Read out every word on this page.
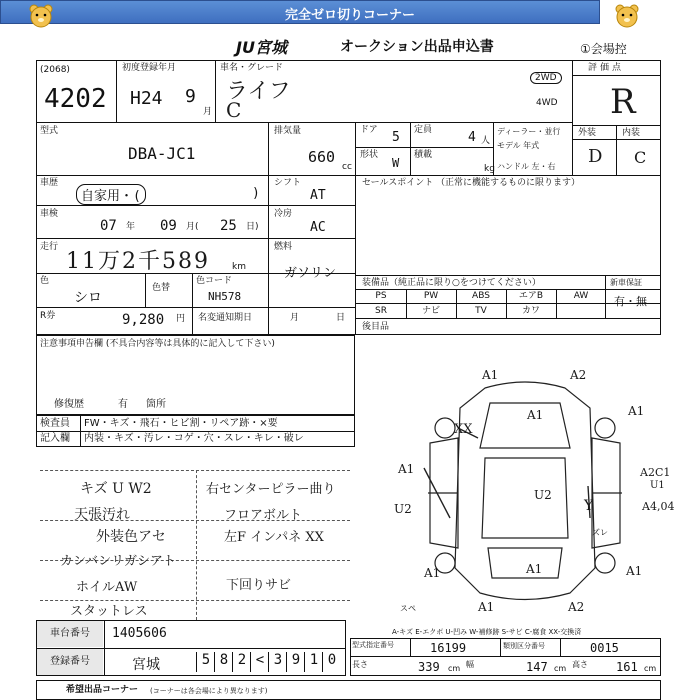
完全ゼロ切りコーナー
JU宮城	オークション出品申込書	①会場控
(2068)
4202
初度登録年月
H24 9
月
車名・グレード
ライフ
C
2WD
4WD
評価点
R
外装	内装
D C
型式
DBA-JC1
排気量
660
cc
ドア 5 定員	4 人
形状
W
積載
kg
ディーラー・並行
モデル 年式
ハンドル 左・右
車歴
自家用・(	)
車検
07 年 09 月( 25 日)
走行
11万2千589 km
色
シロ
色替
色コード
NH578
R券	9,280 円 名変通知期日	月	日
シフト
AT
冷房
AC
燃料
ガソリン
セールスポイント （正常に機能するものに限ります）
装備品（純正品に限り○をつけてください）	新車保証
有・無
PS	PW	ABS	エアB	AW
SR	ナビ	TV	カワ
後目品
注意事項申告欄 (不具合内容等は具体的に記入して下さい)
修復歴	有 箇所
検査員
記入欄
FW・キズ・飛石・ヒビ割・リペア跡・×要
内装・キズ・汚レ・コゲ・穴・スレ・キレ・破レ
キズ U W2
天張汚れ
外装色アセ
カンバンリガシアト
ホイルAW
スタットレス
右センターピラー曲り
フロアボルト
左F インパネ XX
下回りサビ
A1	A2
A1	A1
XX
A1
U2
U2
A2C1
U1
A4,04
A1	A1	A1
A2
A1
Y
ズレ
スペ
A-キズ E-エクボ U-凹み W-補修跡 S-サビ C-腐食 XX-交換済
車台番号	1405606
登録番号	宮城	5 8 2 < 3 9 1 0
型式指定番号	16199	類別区分番号	0015
長さ	339 cm 幅	147 cm 高さ 161 cm
希望出品コーナー (コーナーは各会場により異なります)
